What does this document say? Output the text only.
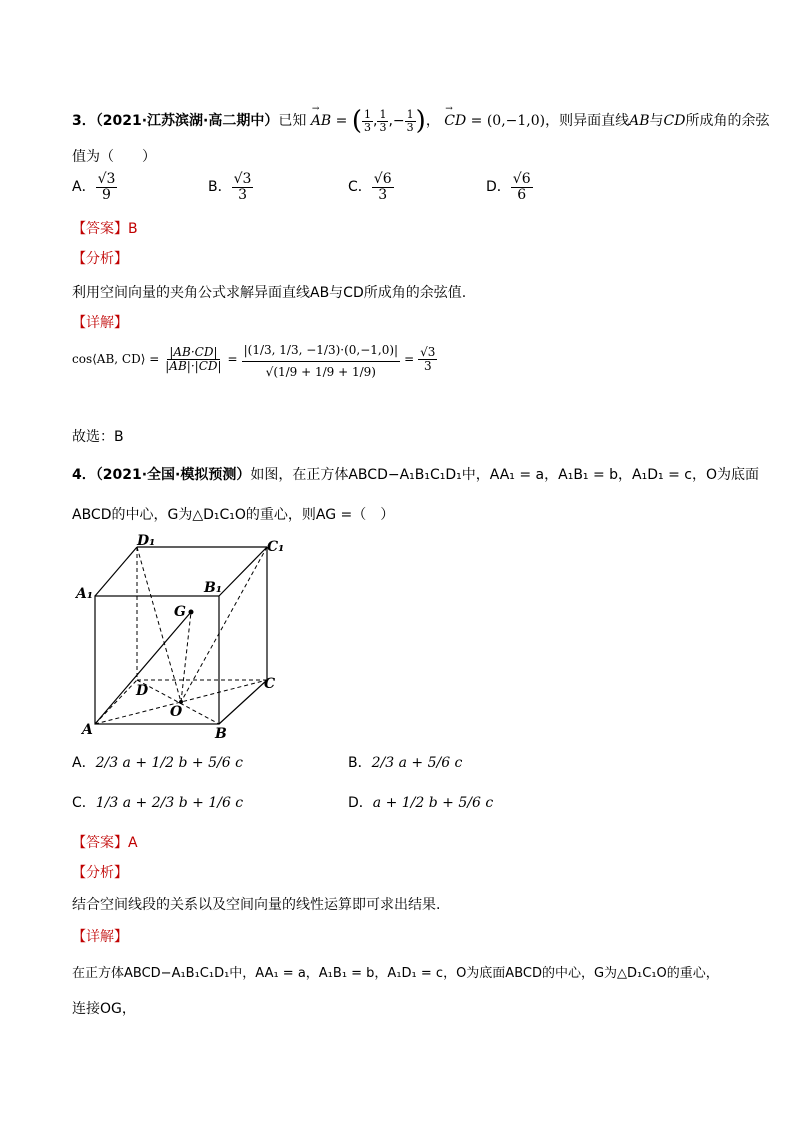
3．（2021·江苏滨湖·高二期中）已知
→
AB = ( $\frac{1}{3}$ , $\frac{1}{3}$ ,− $\frac{1}{3}$ )，
→
CD = (0,−1,0)，则异面直线AB与CD所成角的余弦
值为（　　）
A． $\frac{√3}{9}$	B． $\frac{√3}{3}$	C． $\frac{√6}{3}$	D． $\frac{√6}{6}$
【答案】B
【分析】
利用空间向量的夹角公式求解异面直线AB与CD所成角的余弦值.
【详解】
cos⟨AB, CD⟩ = $\frac{|AB\cdot CD|}{|AB|\cdot|CD|} = \frac{|(1/3, 1/3, -1/3)\cdot(0,-1,0)|}{√(1/9 + 1/9 + 1/9)} = \frac{√3}{3}$
故选：B
4．（2021·全国·模拟预测）如图，在正方体ABCD−A₁B₁C₁D₁中，AA₁ = a，A₁B₁ = b，A₁D₁ = c，O为底面
ABCD的中心，G为△D₁C₁O的重心，则AG =（　）
D₁	C₁
A₁	B₁
G
D	C
A
O
B
A．2/3 a + 1/2 b + 5/6 c	B．2/3 a + 5/6 c
C．1/3 a + 2/3 b + 1/6 c	D．a + 1/2 b + 5/6 c
【答案】A
【分析】
结合空间线段的关系以及空间向量的线性运算即可求出结果.
【详解】
在正方体ABCD−A₁B₁C₁D₁中，AA₁ = a，A₁B₁ = b，A₁D₁ = c，O为底面ABCD的中心，G为△D₁C₁O的重心，
连接OG，
